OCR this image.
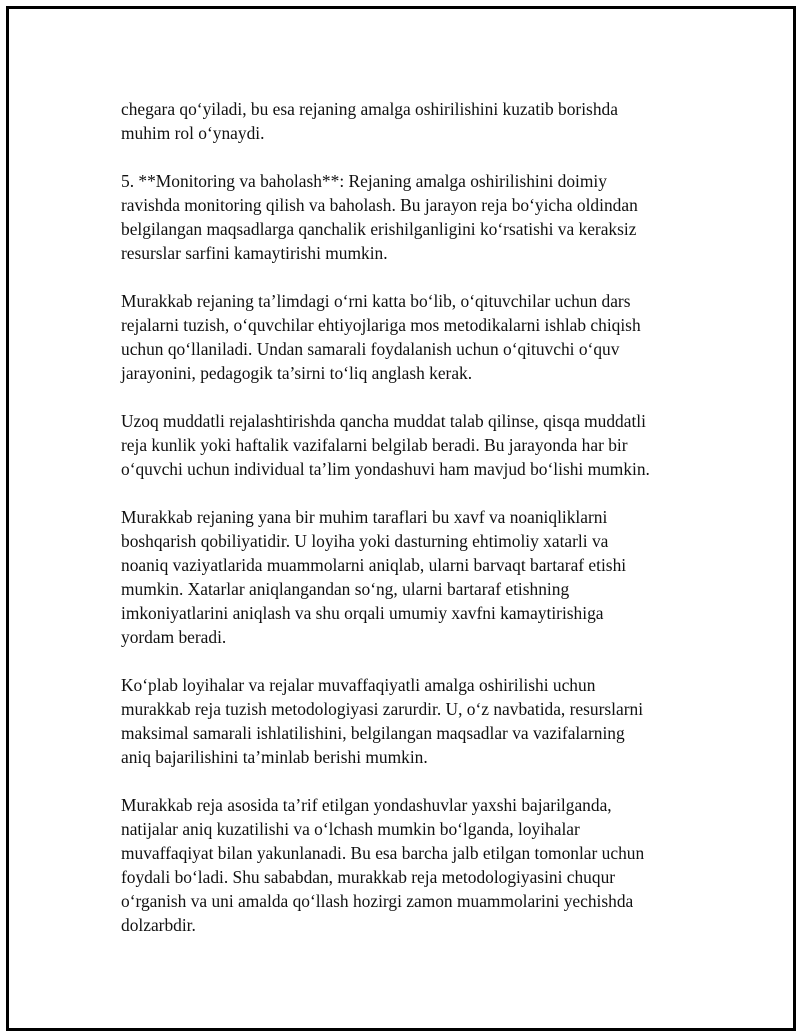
chegara qo‘yiladi, bu esa rejaning amalga oshirilishini kuzatib borishda
muhim rol o‘ynaydi.

5. **Monitoring va baholash**: Rejaning amalga oshirilishini doimiy
ravishda monitoring qilish va baholash. Bu jarayon reja bo‘yicha oldindan
belgilangan maqsadlarga qanchalik erishilganligini ko‘rsatishi va keraksiz
resurslar sarfini kamaytirishi mumkin.

Murakkab rejaning ta’limdagi o‘rni katta bo‘lib, o‘qituvchilar uchun dars
rejalarni tuzish, o‘quvchilar ehtiyojlariga mos metodikalarni ishlab chiqish
uchun qo‘llaniladi. Undan samarali foydalanish uchun o‘qituvchi o‘quv
jarayonini, pedagogik ta’sirni to‘liq anglash kerak.

Uzoq muddatli rejalashtirishda qancha muddat talab qilinse, qisqa muddatli
reja kunlik yoki haftalik vazifalarni belgilab beradi. Bu jarayonda har bir
o‘quvchi uchun individual ta’lim yondashuvi ham mavjud bo‘lishi mumkin.

Murakkab rejaning yana bir muhim taraflari bu xavf va noaniqliklarni
boshqarish qobiliyatidir. U loyiha yoki dasturning ehtimoliy xatarli va
noaniq vaziyatlarida muammolarni aniqlab, ularni barvaqt bartaraf etishi
mumkin. Xatarlar aniqlangandan so‘ng, ularni bartaraf etishning
imkoniyatlarini aniqlash va shu orqali umumiy xavfni kamaytirishiga
yordam beradi.

Ko‘plab loyihalar va rejalar muvaffaqiyatli amalga oshirilishi uchun
murakkab reja tuzish metodologiyasi zarurdir. U, o‘z navbatida, resurslarni
maksimal samarali ishlatilishini, belgilangan maqsadlar va vazifalarning
aniq bajarilishini ta’minlab berishi mumkin.

Murakkab reja asosida ta’rif etilgan yondashuvlar yaxshi bajarilganda,
natijalar aniq kuzatilishi va o‘lchash mumkin bo‘lganda, loyihalar
muvaffaqiyat bilan yakunlanadi. Bu esa barcha jalb etilgan tomonlar uchun
foydali bo‘ladi. Shu sababdan, murakkab reja metodologiyasini chuqur
o‘rganish va uni amalda qo‘llash hozirgi zamon muammolarini yechishda
dolzarbdir.
